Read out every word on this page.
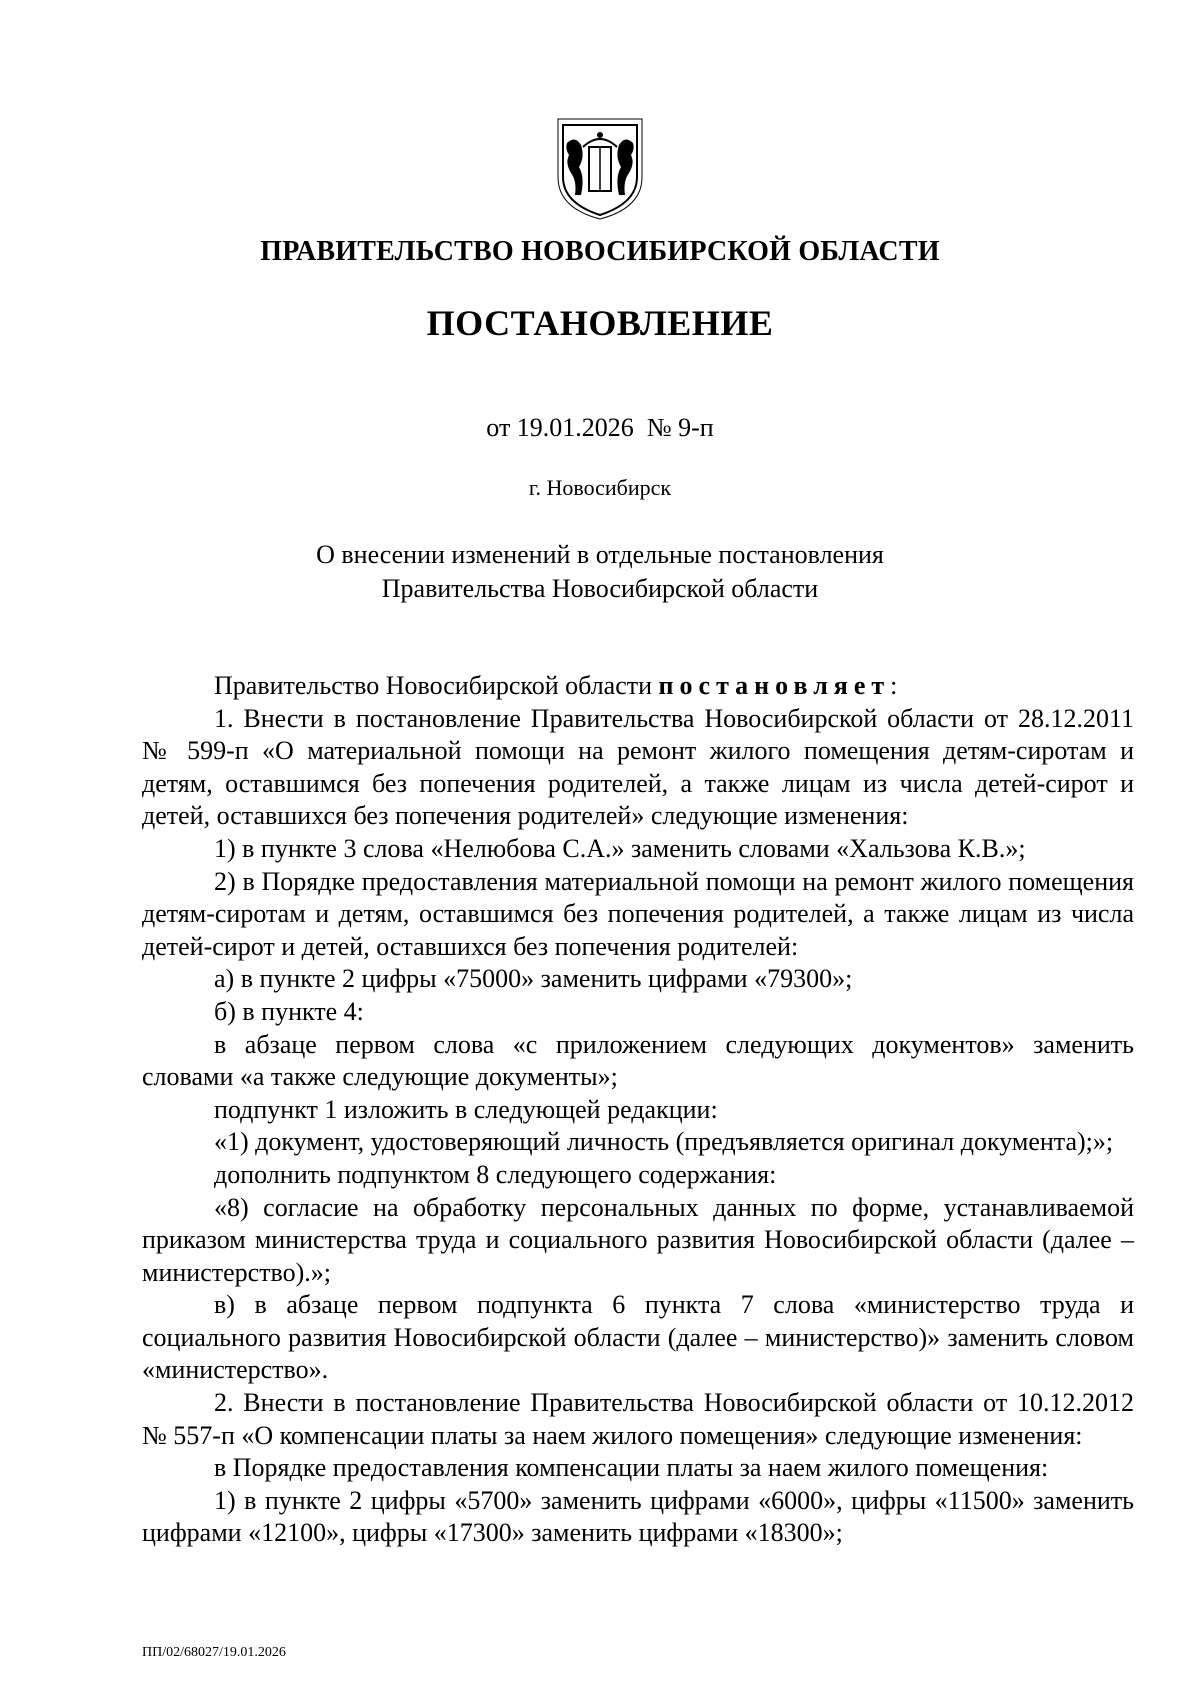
ПРАВИТЕЛЬСТВО НОВОСИБИРСКОЙ ОБЛАСТИ
ПОСТАНОВЛЕНИЕ
от 19.01.2026 № 9-п
г. Новосибирск
О внесении изменений в отдельные постановления
Правительства Новосибирской области

Правительство Новосибирской области постановляет:

1. Внести в постановление Правительства Новосибирской области от 28.12.2011 № 599-п «О материальной помощи на ремонт жилого помещения детям-сиротам и детям, оставшимся без попечения родителей, а также лицам из числа детей-сирот и детей, оставшихся без попечения родителей» следующие изменения:

1) в пункте 3 слова «Нелюбова С.А.» заменить словами «Хальзова К.В.»;

2) в Порядке предоставления материальной помощи на ремонт жилого помещения детям-сиротам и детям, оставшимся без попечения родителей, а также лицам из числа детей-сирот и детей, оставшихся без попечения родителей:

а) в пункте 2 цифры «75000» заменить цифрами «79300»;

б) в пункте 4:

в абзаце первом слова «с приложением следующих документов» заменить словами «а также следующие документы»;

подпункт 1 изложить в следующей редакции:

«1) документ, удостоверяющий личность (предъявляется оригинал документа);»;

дополнить подпунктом 8 следующего содержания:

«8) согласие на обработку персональных данных по форме, устанавливаемой приказом министерства труда и социального развития Новосибирской области (далее – министерство).»;

в) в абзаце первом подпункта 6 пункта 7 слова «министерство труда и социального развития Новосибирской области (далее – министерство)» заменить словом «министерство».

2. Внести в постановление Правительства Новосибирской области от 10.12.2012 № 557-п «О компенсации платы за наем жилого помещения» следующие изменения:

в Порядке предоставления компенсации платы за наем жилого помещения:

1) в пункте 2 цифры «5700» заменить цифрами «6000», цифры «11500» заменить цифрами «12100», цифры «17300» заменить цифрами «18300»;

ПП/02/68027/19.01.2026
